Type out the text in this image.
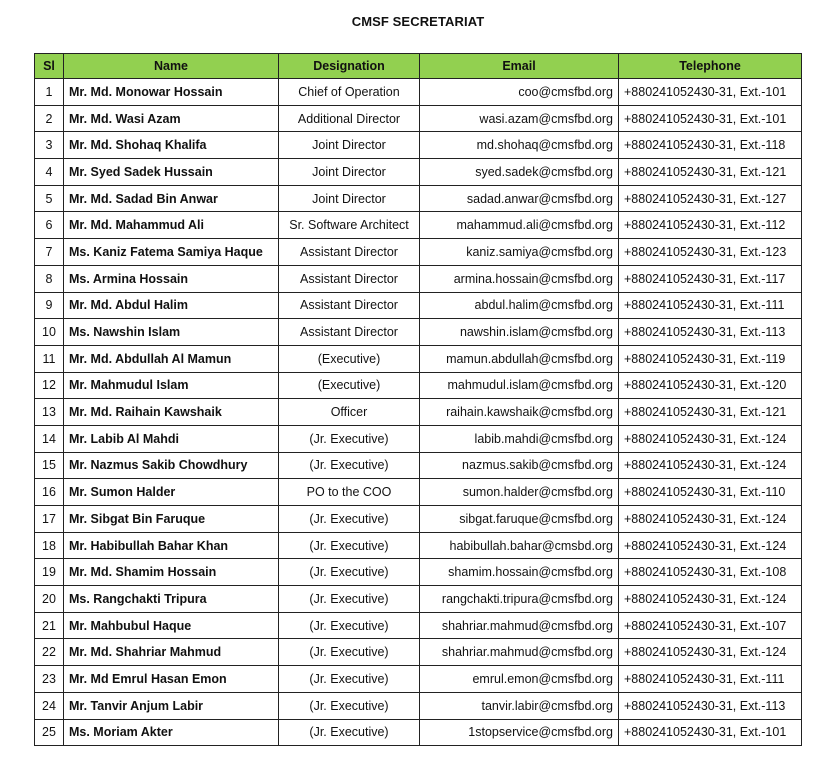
CMSF SECRETARIAT
Sl	Name	Designation	Email	Telephone
1	Mr. Md. Monowar Hossain	Chief of Operation	coo@cmsfbd.org	+880241052430-31, Ext.-101
2	Mr. Md. Wasi Azam	Additional Director	wasi.azam@cmsfbd.org	+880241052430-31, Ext.-101
3	Mr. Md. Shohaq Khalifa	Joint Director	md.shohaq@cmsfbd.org	+880241052430-31, Ext.-118
4	Mr. Syed Sadek Hussain	Joint Director	syed.sadek@cmsfbd.org	+880241052430-31, Ext.-121
5	Mr. Md. Sadad Bin Anwar	Joint Director	sadad.anwar@cmsfbd.org	+880241052430-31, Ext.-127
6	Mr. Md. Mahammud Ali	Sr. Software Architect	mahammud.ali@cmsfbd.org	+880241052430-31, Ext.-112
7	Ms. Kaniz Fatema Samiya Haque	Assistant Director	kaniz.samiya@cmsfbd.org	+880241052430-31, Ext.-123
8	Ms. Armina Hossain	Assistant Director	armina.hossain@cmsfbd.org	+880241052430-31, Ext.-117
9	Mr. Md. Abdul Halim	Assistant Director	abdul.halim@cmsfbd.org	+880241052430-31, Ext.-111
10	Ms. Nawshin Islam	Assistant Director	nawshin.islam@cmsfbd.org	+880241052430-31, Ext.-113
11	Mr. Md. Abdullah Al Mamun	(Executive)	mamun.abdullah@cmsfbd.org	+880241052430-31, Ext.-119
12	Mr. Mahmudul Islam	(Executive)	mahmudul.islam@cmsfbd.org	+880241052430-31, Ext.-120
13	Mr. Md. Raihain Kawshaik	Officer	raihain.kawshaik@cmsfbd.org	+880241052430-31, Ext.-121
14	Mr. Labib Al Mahdi	(Jr. Executive)	labib.mahdi@cmsfbd.org	+880241052430-31, Ext.-124
15	Mr. Nazmus Sakib Chowdhury	(Jr. Executive)	nazmus.sakib@cmsfbd.org	+880241052430-31, Ext.-124
16	Mr. Sumon Halder	PO to the COO	sumon.halder@cmsfbd.org	+880241052430-31, Ext.-110
17	Mr. Sibgat Bin Faruque	(Jr. Executive)	sibgat.faruque@cmsfbd.org	+880241052430-31, Ext.-124
18	Mr. Habibullah Bahar Khan	(Jr. Executive)	habibullah.bahar@cmsbd.org	+880241052430-31, Ext.-124
19	Mr. Md. Shamim Hossain	(Jr. Executive)	shamim.hossain@cmsfbd.org	+880241052430-31, Ext.-108
20	Ms. Rangchakti Tripura	(Jr. Executive)	rangchakti.tripura@cmsfbd.org	+880241052430-31, Ext.-124
21	Mr. Mahbubul Haque	(Jr. Executive)	shahriar.mahmud@cmsfbd.org	+880241052430-31, Ext.-107
22	Mr. Md. Shahriar Mahmud	(Jr. Executive)	shahriar.mahmud@cmsfbd.org	+880241052430-31, Ext.-124
23	Mr. Md Emrul Hasan Emon	(Jr. Executive)	emrul.emon@cmsfbd.org	+880241052430-31, Ext.-111
24	Mr. Tanvir Anjum Labir	(Jr. Executive)	tanvir.labir@cmsfbd.org	+880241052430-31, Ext.-113
25	Ms. Moriam Akter	(Jr. Executive)	1stopservice@cmsfbd.org	+880241052430-31, Ext.-101
